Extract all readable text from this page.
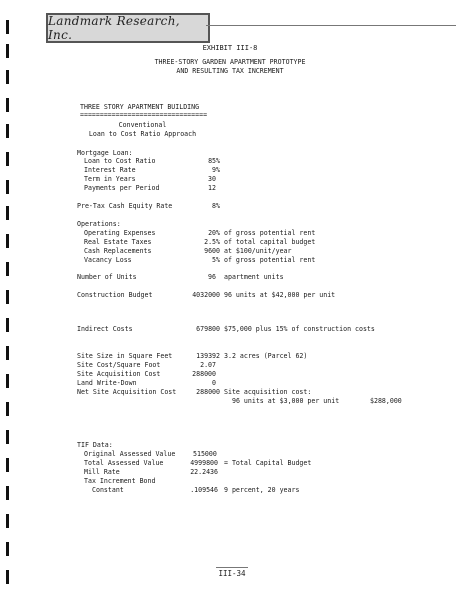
Landmark Research, Inc.
EXHIBIT III-8
THREE-STORY GARDEN APARTMENT PROTOTYPE
AND RESULTING TAX INCREMENT
THREE STORY APARTMENT BUILDING
================================
Conventional
Loan to Cost Ratio Approach
Mortgage Loan:
Loan to Cost Ratio	85%
Interest Rate	9%
Term in Years	30
Payments per Period	12
Pre-Tax Cash Equity Rate	8%
Operations:
Operating Expenses	20% of gross potential rent
Real Estate Taxes	2.5% of total capital budget
Cash Replacements	9600 at $100/unit/year
Vacancy Loss	5% of gross potential rent
Number of Units	96 apartment units
Construction Budget	4032000 96 units at $42,000 per unit
Indirect Costs	679800 $75,000 plus 15% of construction costs
Site Size in Square Feet	139392 3.2 acres (Parcel 62)
Site Cost/Square Foot	2.07
Site Acquisition Cost	288000
Land Write-Down	0
Net Site Acquisition Cost	288000 Site acquisition cost:
96 units at $3,000 per unit	$288,000
TIF Data:
Original Assessed Value	515000
Total Assessed Value	4999800 = Total Capital Budget
Mill Rate	22.2436
Tax Increment Bond
Constant	.109546 9 percent, 20 years
III-34
